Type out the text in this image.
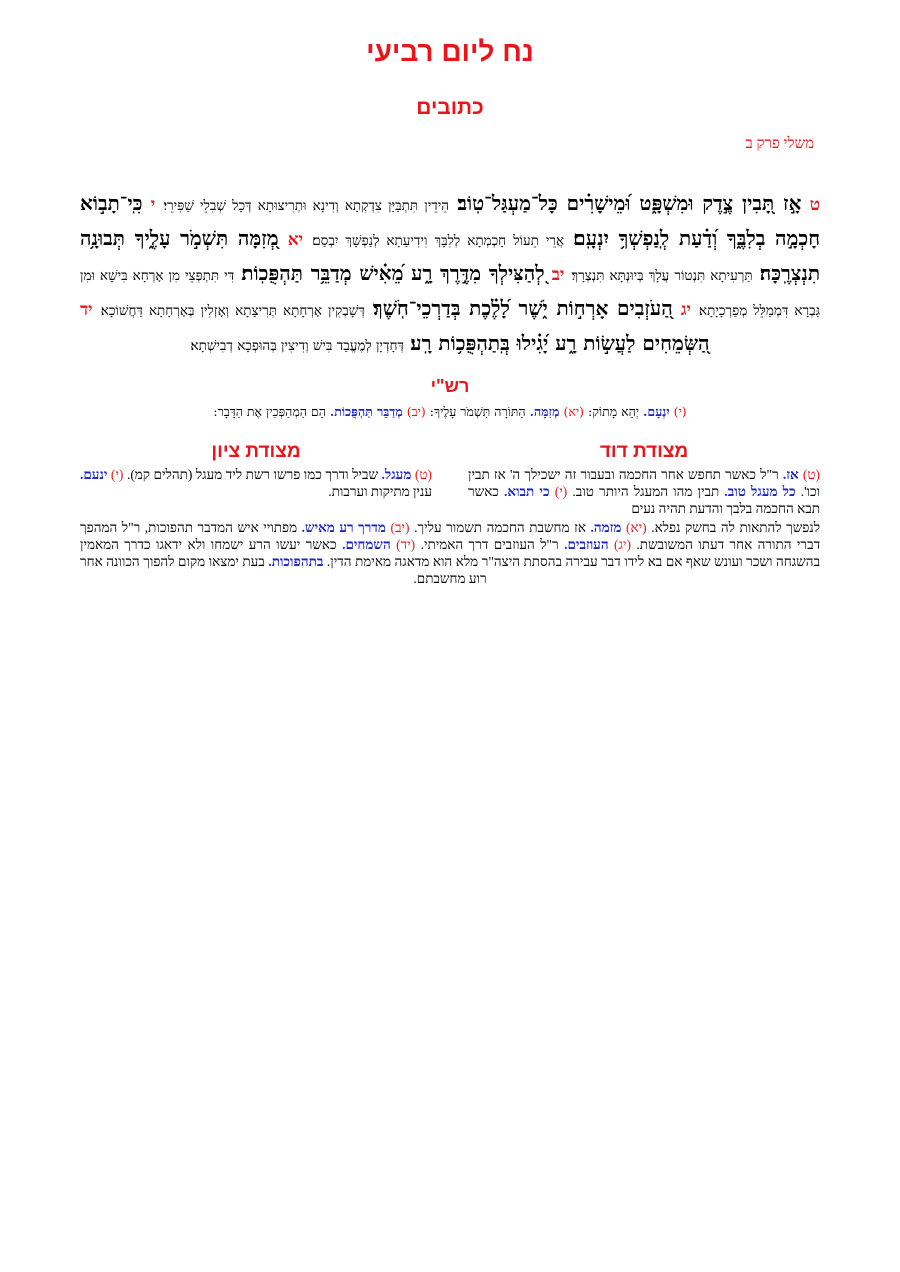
נח ליום רביעי
כתובים
משלי פרק ב
ט אָ֣ז תָּ֭בִין צֶ֣דֶק וּמִשְׁפָּ֑ט וּ֝מֵישָׁרִ֗ים כָּל־מַעְגַּל־טֽוֹב׃ הֵידֵין תִּתְבַּיַּן צִדְקְתָא וְדִינָא וּתְרִיצוּתָא דְּכָל שְׁבִלֵי שַׁפִּירֵי׃ י כִּֽי־תָב֣וֹא חָכְמָ֣ה בְלִבֶּ֑ךָ וְ֝דַ֗עַת לְֽנַפְשְׁךָ֥ יִנְעָֽם׃ אֲרֵי תֵעוֹל חָכְמְתָא לְלִבָּךְ וִידִיעַתָא לְנַפְשָׁךְ יִבְסַם׃ יא מְ֭זִמָּה תִּשְׁמֹ֣ר עָלֶ֑יךָ תְּבוּנָ֥ה תִנְצְרֶֽכָּה׃ תַּרְעִיתָא תִּנְטוֹר עֲלָךְ בְּיוּנְתָּא תִּנְצְרָךְ׃ יב לְ֭הַצִּילְךָ מִדֶּ֣רֶךְ רָ֑ע מֵ֝אִ֗ישׁ מְדַבֵּ֥ר תַּהְפֻּכֽוֹת׃ דִּי תִּתְפְּצֵי מִן אָרְחָא בִּישָׁא וּמִן גַּבְרָא דִּמְמַלֵּל מְפַרְכָיָתָא׃ יג הַ֭עֹזְבִים אָרְח֣וֹת יֹ֑שֶׁר לָ֝לֶ֗כֶת בְּדַרְכֵי־חֹֽשֶׁךְ׃ דְּשָׁבְקִין אָרְחָתָא תְּרִיצָתָא וְאָזְלִין בְּאָרְחָתָא דַּחֲשׁוֹכָא׃ יד הַ֭שְּׂמֵחִים לַעֲשׂ֣וֹת רָ֑ע יָ֝גִ֗ילוּ בְּֽתַהְפֻּכ֥וֹת רָֽע׃ דְּחָדְיָן לְמֶעֱבַד בִּישׁ וְדִיצִין בְּהוּפְכָא דְבִישְׁתָא׃
רש"י
(י) יִנְעָם. יְהֵא מָתוֹק: (יא) מְזִמָּה. הַתּוֹרָה תִּשְׁמֹר עָלֶיךָ: (יב) מְדַבֵּר תַּהְפֻּכוֹת. הֵם הַמְהַפְּכִין אֶת הַדָּבָר:
מצודת דוד
(ט) אז. ר"ל כאשר תחפש אחר החכמה ובעבור זה ישכילך ה' אז תבין וכו'. כל מעגל טוב. תבין מהו המעגל היותר טוב. (י) כי תבוא. כאשר תבא החכמה בלבך והדעת תהיה נעים
מצודת ציון
(ט) מעגל. שביל ודרך כמו פרשו רשת ליד מעגל (תהלים קמ). (י) ינעם. ענין מתיקות וערבות.
לנפשך להתאות לה בחשק נפלא. (יא) מזמה. אז מחשבת החכמה תשמור עליך. (יב) מדרך רע מאיש. מפתויי איש המדבר תהפוכות, ר"ל המהפך דברי התורה אחר דעתו המשובשת. (יג) העוזבים. ר"ל העוזבים דרך האמיתי. (יד) השמחים. כאשר יעשו הרע ישמחו ולא ידאגו כדרך המאמין בהשגחה ושכר ועונש שאף אם בא לידו דבר עבירה בהסתת היצה"ר מלא הוא מדאגה מאימת הדין. בתהפוכות. בעת ימצאו מקום להפוך הכוונה אחר רוע מחשבתם.
